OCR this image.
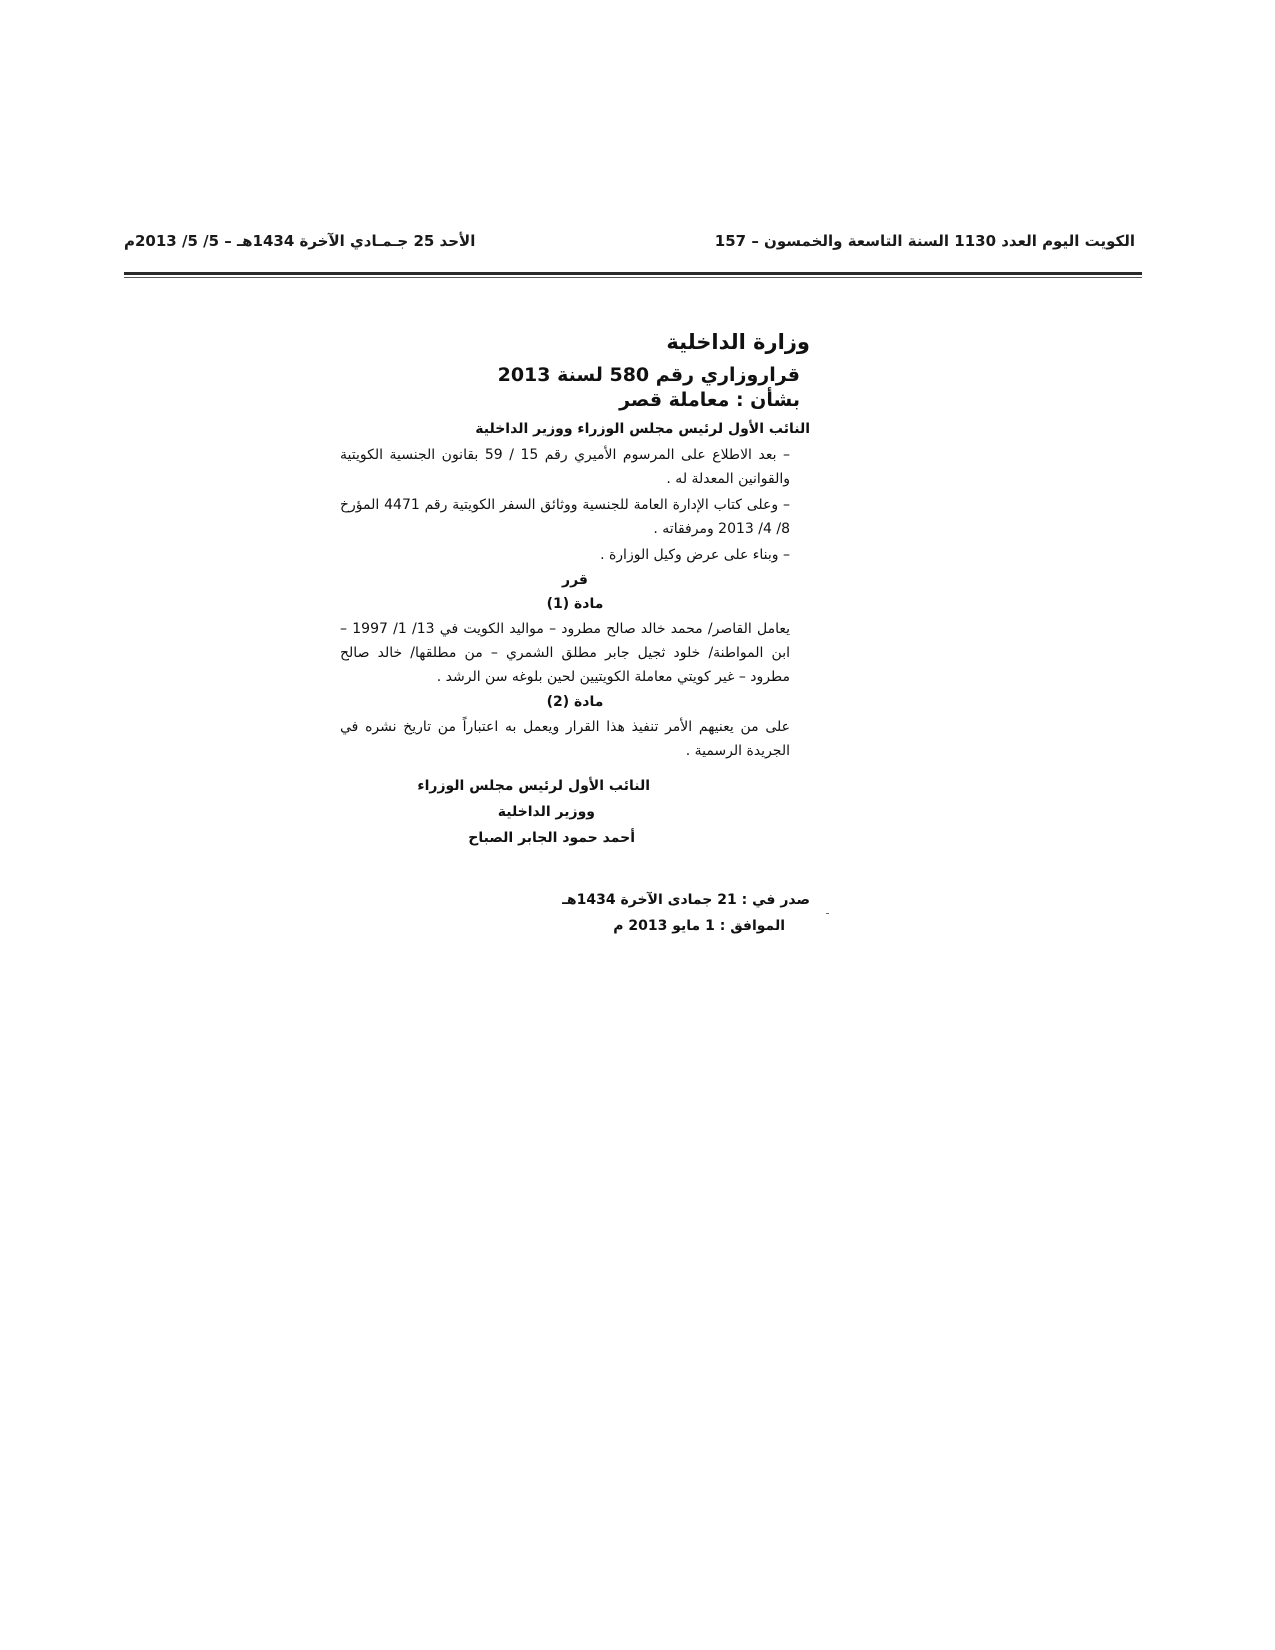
الكويت اليوم العدد 1130 السنة التاسعة والخمسون – 157
الأحد 25 جـمـادي الآخرة 1434هـ – 5/ 5/ 2013م
وزارة الداخلية
قراروزاري رقم 580 لسنة 2013
بشأن : معاملة قصر
النائب الأول لرئيس مجلس الوزراء ووزير الداخلية
– بعد الاطلاع على المرسوم الأميري رقم 15 / 59 بقانون الجنسية الكويتية والقوانين المعدلة له .
– وعلى كتاب الإدارة العامة للجنسية ووثائق السفر الكويتية رقم 4471 المؤرخ 8/ 4/ 2013 ومرفقاته .
– وبناء على عرض وكيل الوزارة .
قرر
مادة (1)
يعامل القاصر/ محمد خالد صالح مطرود – مواليد الكويت في 13/ 1/ 1997 – ابن المواطنة/ خلود ثجيل جابر مطلق الشمري – من مطلقها/ خالد صالح مطرود – غير كويتي معاملة الكويتيين لحين بلوغه سن الرشد .
مادة (2)
على من يعنيهم الأمر تنفيذ هذا القرار ويعمل به اعتباراً من تاريخ نشره في الجريدة الرسمية .
النائب الأول لرئيس مجلس الوزراء
ووزير الداخلية
أحمد حمود الجابر الصباح
صدر في : 21 جمادى الآخرة 1434هـ
الموافق : 1 مايو 2013 م
